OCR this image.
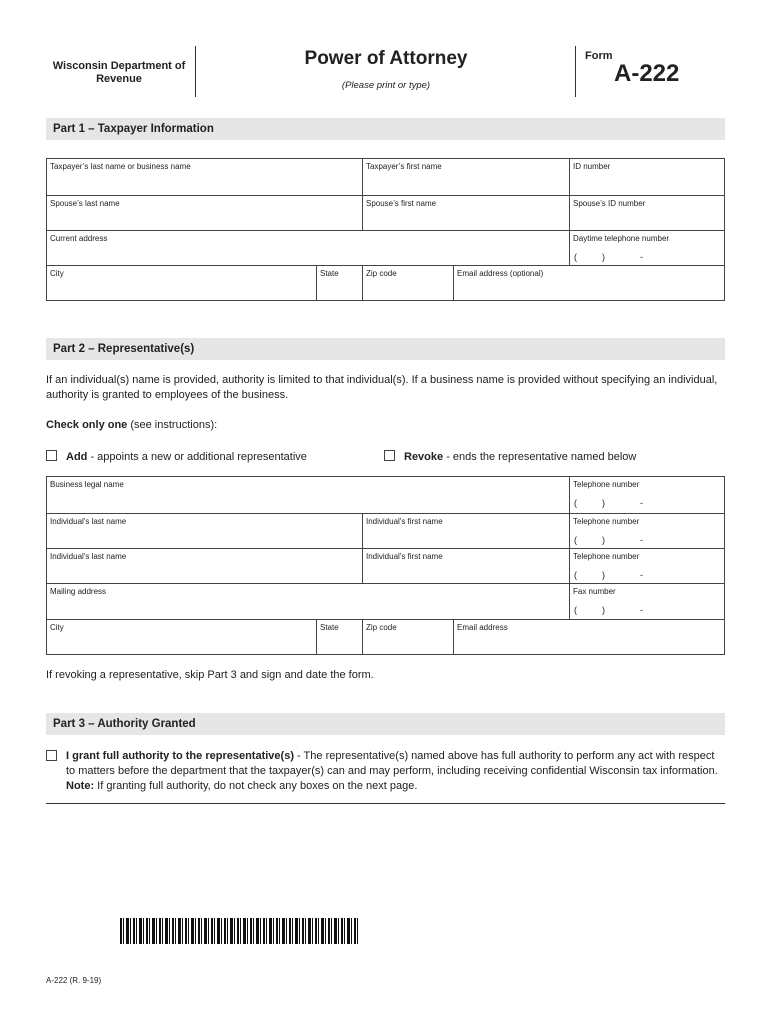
Wisconsin Department of Revenue
Power of Attorney
(Please print or type)
Form
A-222
Part 1 – Taxpayer Information
Taxpayer’s last name or business name	Taxpayer’s first name	ID number
Spouse’s last name	Spouse’s first name	Spouse’s ID number
Current address	Daytime telephone number
(          )              -
City	State	Zip code	Email address (optional)
Part 2 – Representative(s)
If an individual(s) name is provided, authority is limited to that individual(s). If a business name is provided without specifying an individual, authority is granted to employees of the business.
Check only one (see instructions):
Add - appoints a new or additional representative	Revoke - ends the representative named below
Business legal name	Telephone number
(          )              -
Individual's last name	Individual's first name	Telephone number
(          )              -
Individual's last name	Individual's first name	Telephone number
(          )              -
Mailing address	Fax number
(          )              -
City	State	Zip code	Email address
If revoking a representative, skip Part 3 and sign and date the form.
Part 3 – Authority Granted
I grant full authority to the representative(s) - The representative(s) named above has full authority to perform any act with respect to matters before the department that the taxpayer(s) can and may perform, including receiving confidential Wisconsin tax information. Note: If granting full authority, do not check any boxes on the next page.
A-222 (R. 9-19)
